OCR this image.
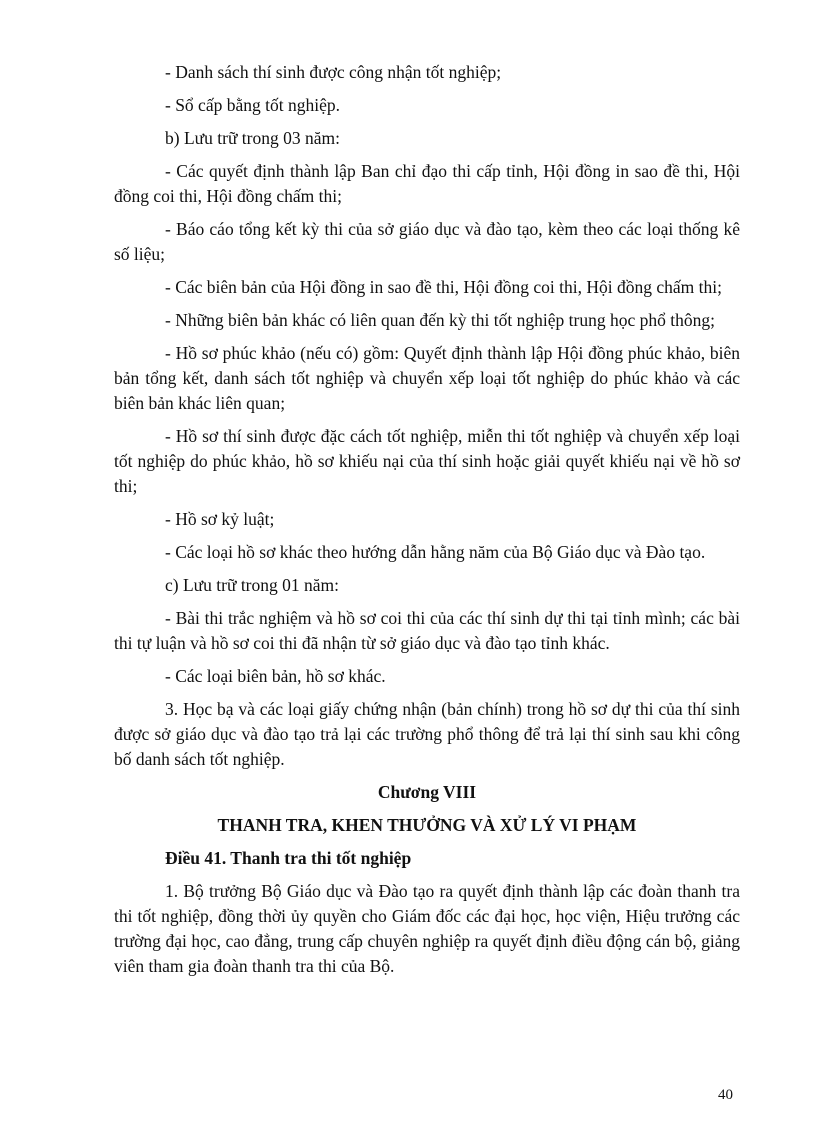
- Danh sách thí sinh được công nhận tốt nghiệp;

- Sổ cấp bằng tốt nghiệp.

b) Lưu trữ trong 03 năm:

- Các quyết định thành lập Ban chỉ đạo thi cấp tỉnh, Hội đồng in sao đề thi, Hội đồng coi thi, Hội đồng chấm thi;

- Báo cáo tổng kết kỳ thi của sở giáo dục và đào tạo, kèm theo các loại thống kê số liệu;

- Các biên bản của Hội đồng in sao đề thi, Hội đồng coi thi, Hội đồng chấm thi;

- Những biên bản khác có liên quan đến kỳ thi tốt nghiệp trung học phổ thông;

- Hồ sơ phúc khảo (nếu có) gồm: Quyết định thành lập Hội đồng phúc khảo, biên bản tổng kết, danh sách tốt nghiệp và chuyển xếp loại tốt nghiệp do phúc khảo và các biên bản khác liên quan;

- Hồ sơ thí sinh được đặc cách tốt nghiệp, miễn thi tốt nghiệp và chuyển xếp loại tốt nghiệp do phúc khảo, hồ sơ khiếu nại của thí sinh hoặc giải quyết khiếu nại về hồ sơ thi;

- Hồ sơ kỷ luật;

- Các loại hồ sơ khác theo hướng dẫn hằng năm của Bộ Giáo dục và Đào tạo.

c) Lưu trữ trong 01 năm:

- Bài thi trắc nghiệm và hồ sơ coi thi của các thí sinh dự thi tại tỉnh mình; các bài thi tự luận và hồ sơ coi thi đã nhận từ sở giáo dục và đào tạo tỉnh khác.

- Các loại biên bản, hồ sơ khác.

3. Học bạ và các loại giấy chứng nhận (bản chính) trong hồ sơ dự thi của thí sinh được sở giáo dục và đào tạo trả lại các trường phổ thông để trả lại thí sinh sau khi công bố danh sách tốt nghiệp.

Chương VIII

THANH TRA, KHEN THƯỞNG VÀ XỬ LÝ VI PHẠM

Điều 41. Thanh tra thi tốt nghiệp

1. Bộ trưởng Bộ Giáo dục và Đào tạo ra quyết định thành lập các đoàn thanh tra thi tốt nghiệp, đồng thời ủy quyền cho Giám đốc các đại học, học viện, Hiệu trưởng các trường đại học, cao đẳng, trung cấp chuyên nghiệp ra quyết định điều động cán bộ, giảng viên tham gia đoàn thanh tra thi của Bộ.

40
